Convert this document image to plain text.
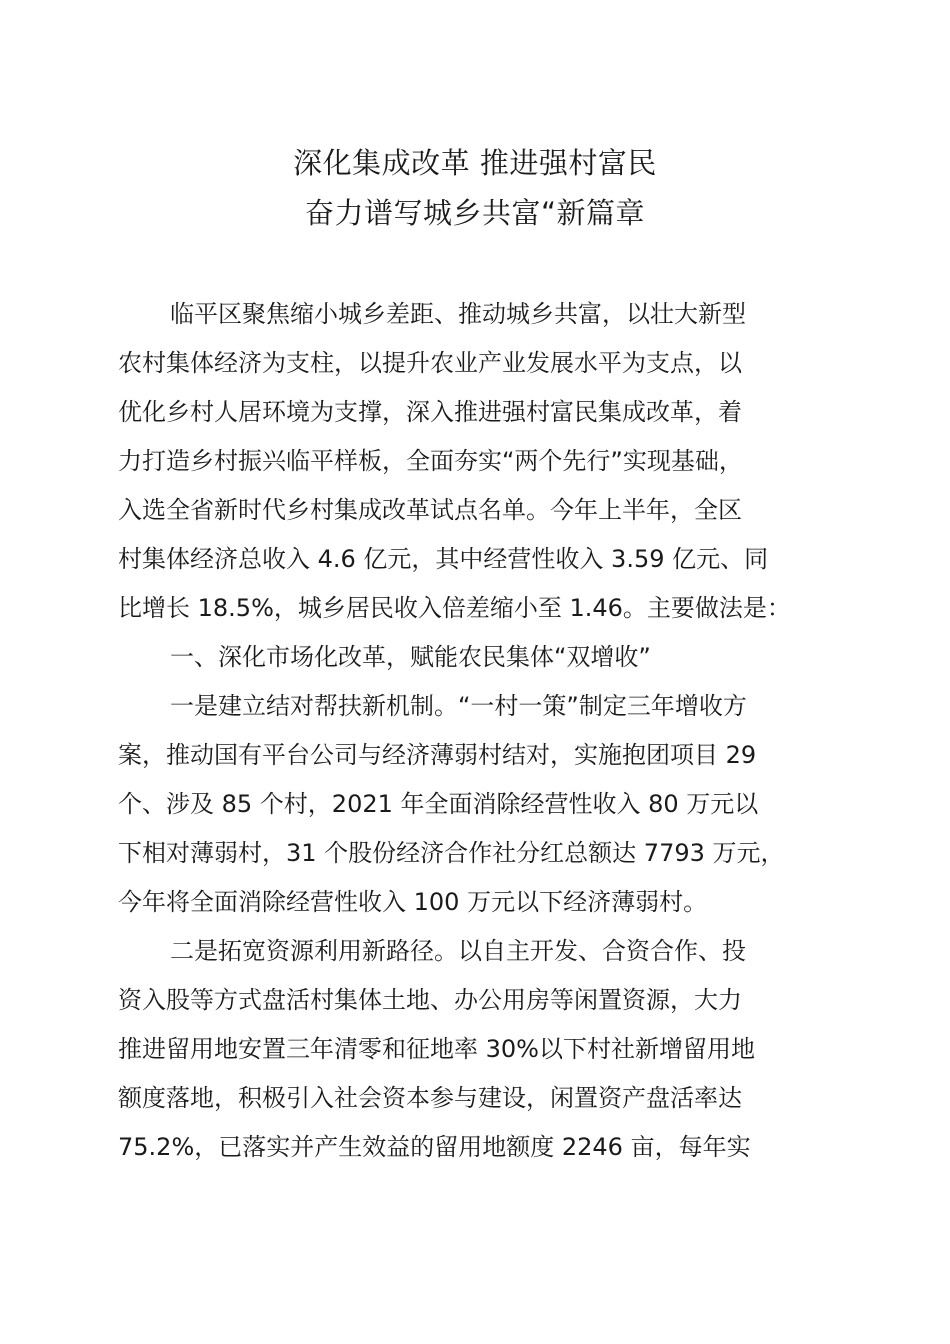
深化集成改革 推进强村富民
奋力谱写城乡共富“新篇章
临平区聚焦缩小城乡差距、推动城乡共富，以壮大新型
农村集体经济为支柱，以提升农业产业发展水平为支点，以
优化乡村人居环境为支撑，深入推进强村富民集成改革，着
力打造乡村振兴临平样板，全面夯实“两个先行”实现基础，
入选全省新时代乡村集成改革试点名单。今年上半年，全区
村集体经济总收入 4.6 亿元，其中经营性收入 3.59 亿元、同
比增长 18.5%，城乡居民收入倍差缩小至 1.46。主要做法是：
一、深化市场化改革，赋能农民集体“双增收”
一是建立结对帮扶新机制。“一村一策”制定三年增收方
案，推动国有平台公司与经济薄弱村结对，实施抱团项目 29
个、涉及 85 个村，2021 年全面消除经营性收入 80 万元以
下相对薄弱村，31 个股份经济合作社分红总额达 7793 万元，
今年将全面消除经营性收入 100 万元以下经济薄弱村。
二是拓宽资源利用新路径。以自主开发、合资合作、投
资入股等方式盘活村集体土地、办公用房等闲置资源，大力
推进留用地安置三年清零和征地率 30%以下村社新增留用地
额度落地，积极引入社会资本参与建设，闲置资产盘活率达
75.2%，已落实并产生效益的留用地额度 2246 亩，每年实
